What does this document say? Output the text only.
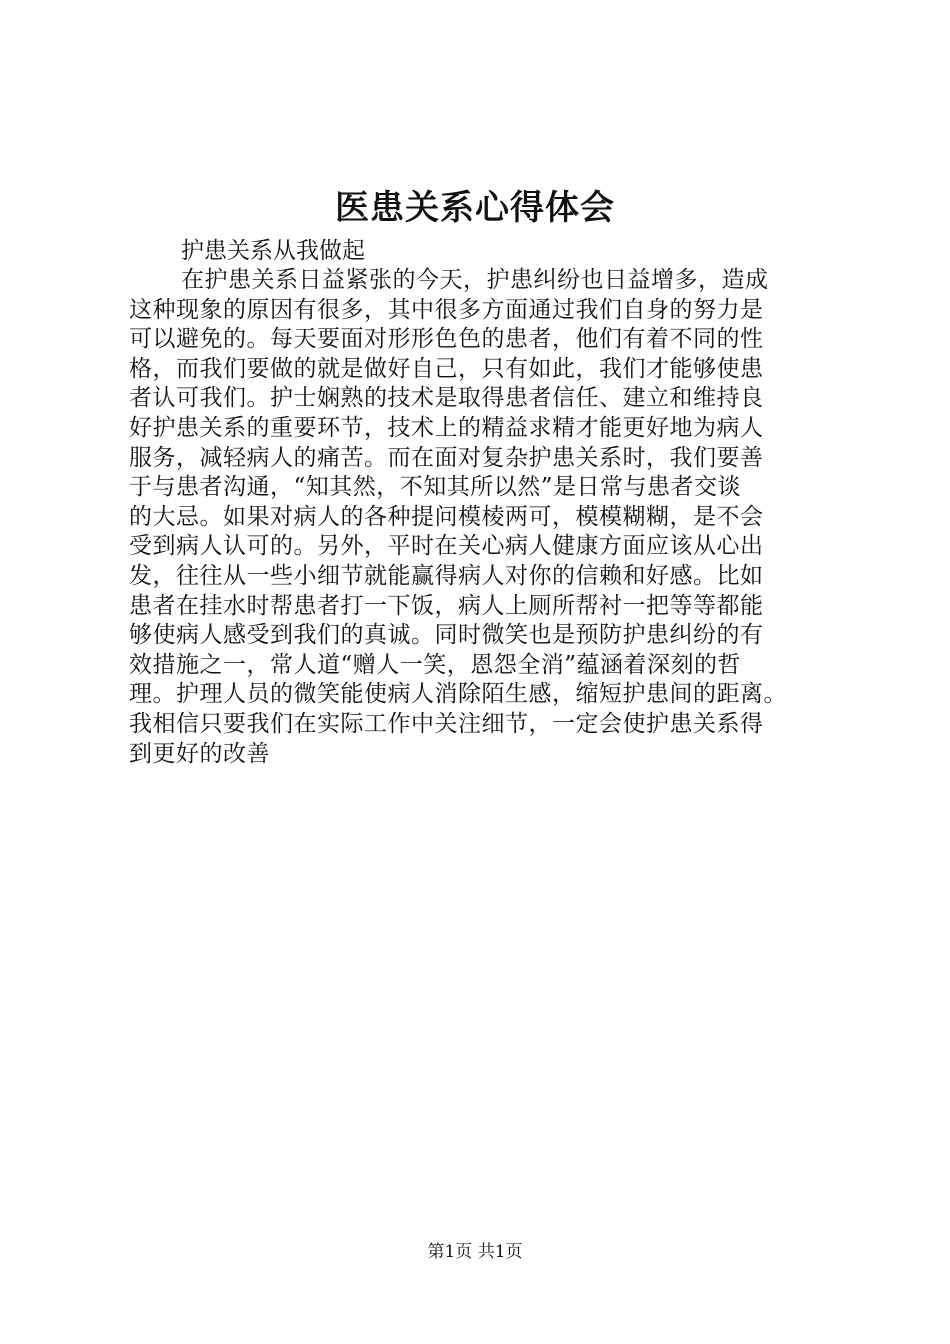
医患关系心得体会

护患关系从我做起

在护患关系日益紧张的今天，护患纠纷也日益增多，造成
这种现象的原因有很多，其中很多方面通过我们自身的努力是
可以避免的。每天要面对形形色色的患者，他们有着不同的性
格，而我们要做的就是做好自己，只有如此，我们才能够使患
者认可我们。护士娴熟的技术是取得患者信任、建立和维持良
好护患关系的重要环节，技术上的精益求精才能更好地为病人
服务，减轻病人的痛苦。而在面对复杂护患关系时，我们要善
于与患者沟通，“知其然，不知其所以然”是日常与患者交谈
的大忌。如果对病人的各种提问模棱两可，模模糊糊，是不会
受到病人认可的。另外，平时在关心病人健康方面应该从心出
发，往往从一些小细节就能赢得病人对你的信赖和好感。比如
患者在挂水时帮患者打一下饭，病人上厕所帮衬一把等等都能
够使病人感受到我们的真诚。同时微笑也是预防护患纠纷的有
效措施之一，常人道“赠人一笑，恩怨全消”蕴涵着深刻的哲
理。护理人员的微笑能使病人消除陌生感，缩短护患间的距离。
我相信只要我们在实际工作中关注细节，一定会使护患关系得
到更好的改善

第1页 共1页
